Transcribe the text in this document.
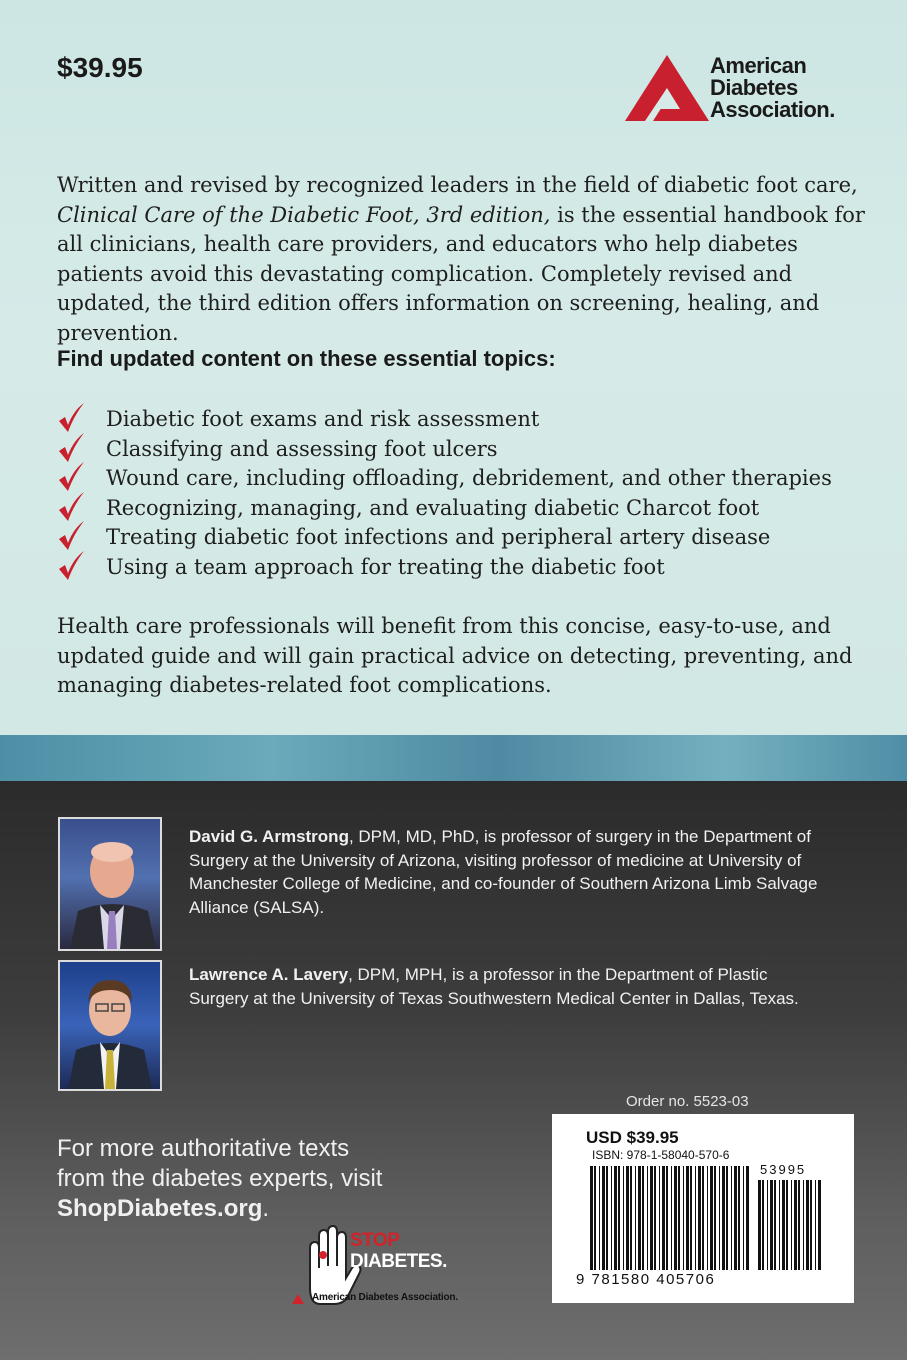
$39.95	American
Diabetes
Association.
Written and revised by recognized leaders in the field of diabetic foot care, Clinical Care of the Diabetic Foot, 3rd edition, is the essential handbook for all clinicians, health care providers, and educators who help diabetes patients avoid this devastating complication. Completely revised and updated, the third edition offers information on screening, healing, and prevention.
Find updated content on these essential topics:
Diabetic foot exams and risk assessment
Classifying and assessing foot ulcers
Wound care, including offloading, debridement, and other therapies
Recognizing, managing, and evaluating diabetic Charcot foot
Treating diabetic foot infections and peripheral artery disease
Using a team approach for treating the diabetic foot
Health care professionals will benefit from this concise, easy-to-use, and updated guide and will gain practical advice on detecting, preventing, and managing diabetes-related foot complications.
David G. Armstrong, DPM, MD, PhD, is professor of surgery in the Department of Surgery at the University of Arizona, visiting professor of medicine at University of Manchester College of Medicine, and co-founder of Southern Arizona Limb Salvage Alliance (SALSA).
Lawrence A. Lavery, DPM, MPH, is a professor in the Department of Plastic Surgery at the University of Texas Southwestern Medical Center in Dallas, Texas.
Order no. 5523-03
USD $39.95
ISBN: 978-1-58040-570-6
53995
9 781580 405706
For more authoritative texts
from the diabetes experts, visit
ShopDiabetes.org.
STOP
DIABETES.
American Diabetes Association.
